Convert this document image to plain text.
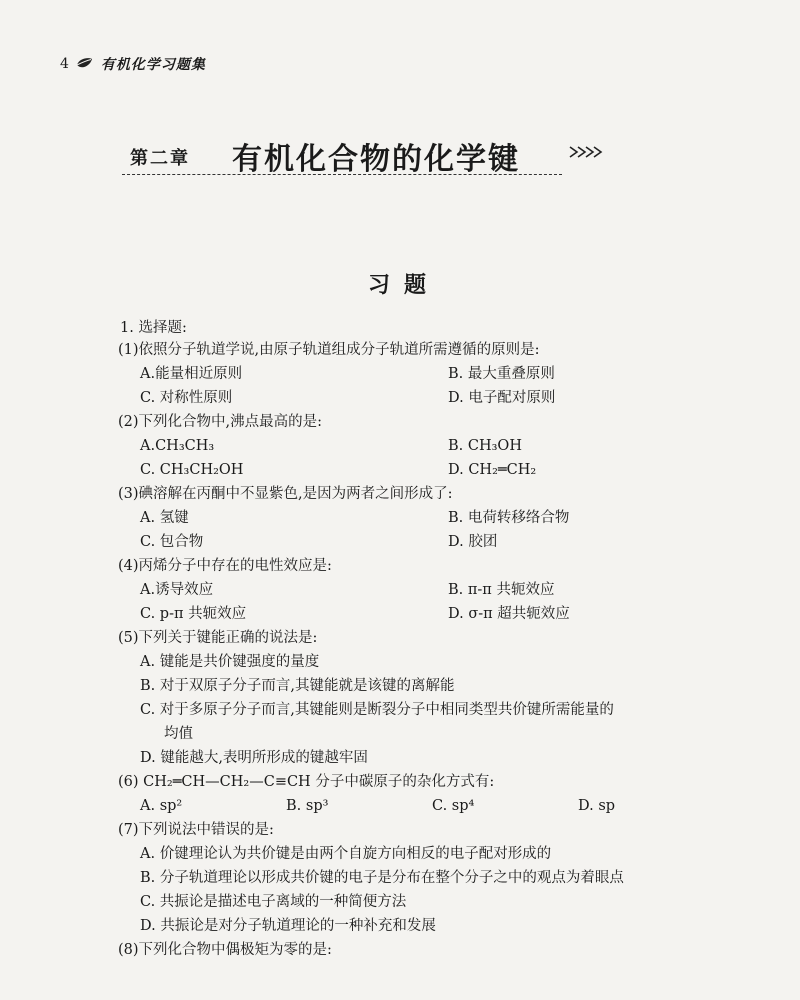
4 有机化学习题集
第二章 有机化合物的化学键
习题
1. 选择题:
(1)依照分子轨道学说,由原子轨道组成分子轨道所需遵循的原则是:
A.能量相近原则	B. 最大重叠原则
C. 对称性原则	D. 电子配对原则
(2)下列化合物中,沸点最高的是:
A.CH₃CH₃	B. CH₃OH
C. CH₃CH₂OH	D. CH₂═CH₂
(3)碘溶解在丙酮中不显紫色,是因为两者之间形成了:
A. 氢键	B. 电荷转移络合物
C. 包合物	D. 胶团
(4)丙烯分子中存在的电性效应是:
A.诱导效应	B. π-π 共轭效应
C. p-π 共轭效应	D. σ-π 超共轭效应
(5)下列关于键能正确的说法是:
A. 键能是共价键强度的量度
B. 对于双原子分子而言,其键能就是该键的离解能
C. 对于多原子分子而言,其键能则是断裂分子中相同类型共价键所需能量的
均值
D. 键能越大,表明所形成的键越牢固
(6) CH₂═CH—CH₂—C≡CH 分子中碳原子的杂化方式有:
A. sp²	B. sp³	C. sp⁴	D. sp
(7)下列说法中错误的是:
A. 价键理论认为共价键是由两个自旋方向相反的电子配对形成的
B. 分子轨道理论以形成共价键的电子是分布在整个分子之中的观点为着眼点
C. 共振论是描述电子离域的一种简便方法
D. 共振论是对分子轨道理论的一种补充和发展
(8)下列化合物中偶极矩为零的是:
